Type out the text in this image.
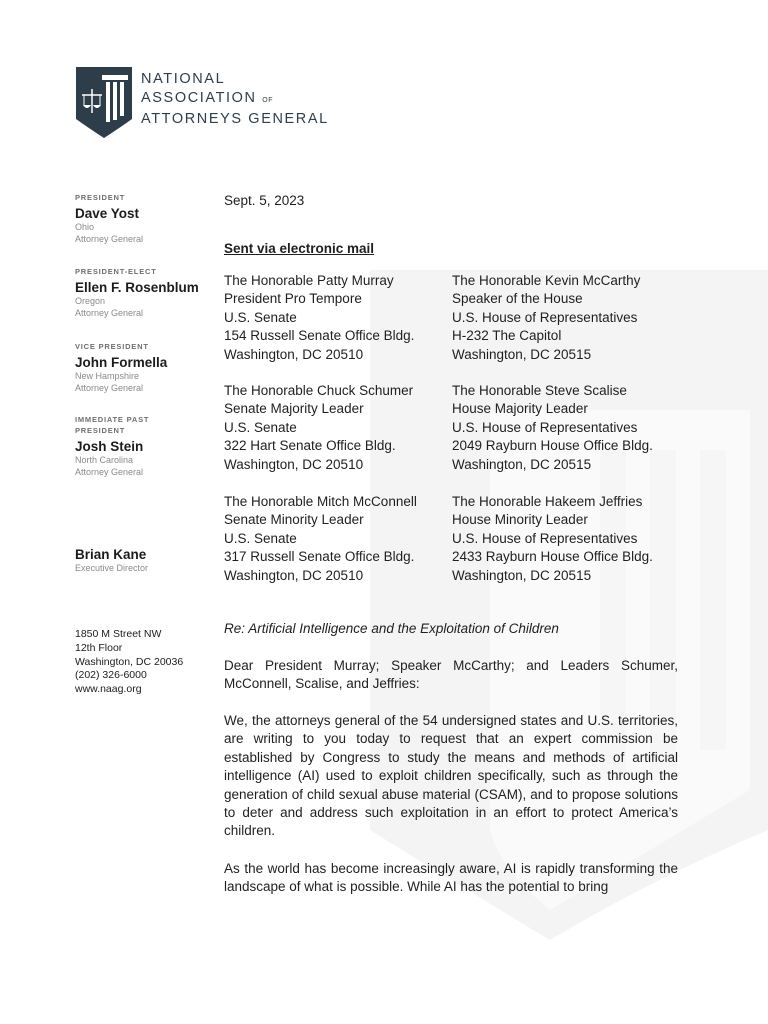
NATIONAL
ASSOCIATION OF
ATTORNEYS GENERAL
PRESIDENT
Dave Yost
Ohio
Attorney General
PRESIDENT-ELECT
Ellen F. Rosenblum
Oregon
Attorney General
VICE PRESIDENT
John Formella
New Hampshire
Attorney General
IMMEDIATE PAST PRESIDENT
Josh Stein
North Carolina
Attorney General
Brian Kane
Executive Director
1850 M Street NW
12th Floor
Washington, DC 20036
(202) 326-6000
www.naag.org
Sept. 5, 2023
Sent via electronic mail
The Honorable Patty Murray
President Pro Tempore
U.S. Senate
154 Russell Senate Office Bldg.
Washington, DC 20510
The Honorable Kevin McCarthy
Speaker of the House
U.S. House of Representatives
H-232 The Capitol
Washington, DC 20515
The Honorable Chuck Schumer
Senate Majority Leader
U.S. Senate
322 Hart Senate Office Bldg.
Washington, DC 20510
The Honorable Steve Scalise
House Majority Leader
U.S. House of Representatives
2049 Rayburn House Office Bldg.
Washington, DC 20515
The Honorable Mitch McConnell
Senate Minority Leader
U.S. Senate
317 Russell Senate Office Bldg.
Washington, DC 20510
The Honorable Hakeem Jeffries
House Minority Leader
U.S. House of Representatives
2433 Rayburn House Office Bldg.
Washington, DC 20515
Re: Artificial Intelligence and the Exploitation of Children
Dear President Murray; Speaker McCarthy; and Leaders Schumer, McConnell, Scalise, and Jeffries:
We, the attorneys general of the 54 undersigned states and U.S. territories, are writing to you today to request that an expert commission be established by Congress to study the means and methods of artificial intelligence (AI) used to exploit children specifically, such as through the generation of child sexual abuse material (CSAM), and to propose solutions to deter and address such exploitation in an effort to protect America’s children.
As the world has become increasingly aware, AI is rapidly transforming the landscape of what is possible. While AI has the potential to bring
